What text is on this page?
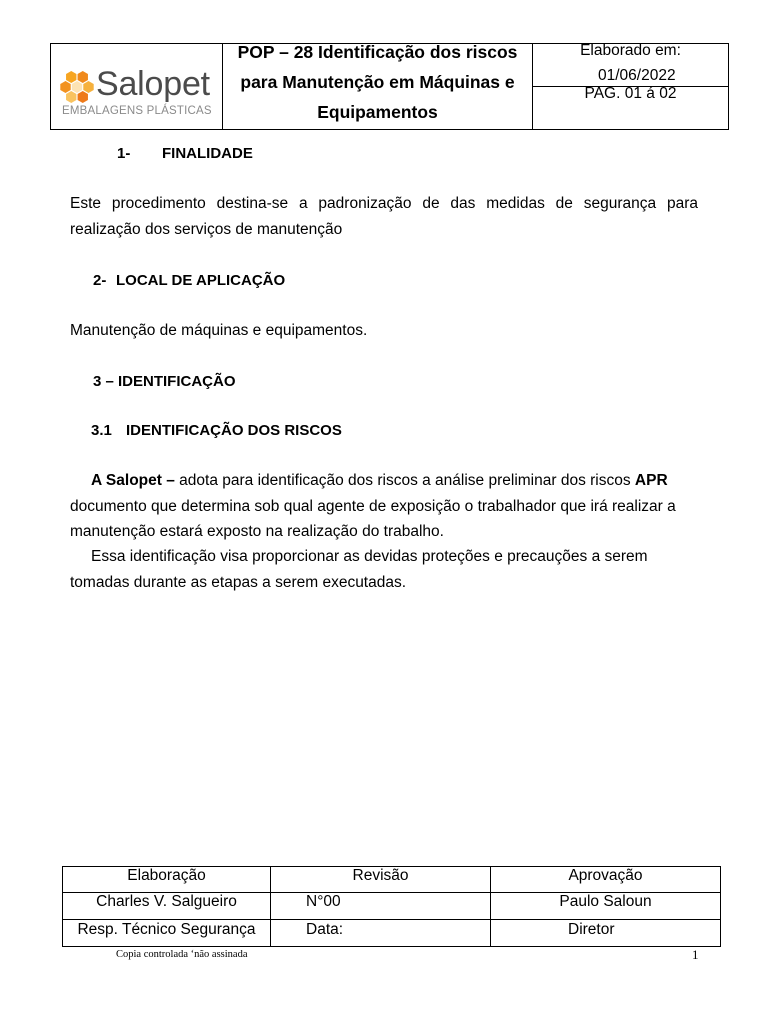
Salopet
EMBALAGENS PLÁSTICAS
POP – 28 Identificação dos riscos
para Manutenção em Máquinas e
Equipamentos
Elaborado em:
01/06/2022
PAG. 01 á 02
1- FINALIDADE
Este procedimento destina-se a padronização de das medidas de segurança para
realização dos serviços de manutenção
2- LOCAL DE APLICAÇÃO
Manutenção de máquinas e equipamentos.
3 – IDENTIFICAÇÃO
3.1 IDENTIFICAÇÃO DOS RISCOS
A Salopet – adota para identificação dos riscos a análise preliminar dos riscos APR
documento que determina sob qual agente de exposição o trabalhador que irá realizar a
manutenção estará exposto na realização do trabalho.
Essa identificação visa proporcionar as devidas proteções e precauções a serem
tomadas durante as etapas a serem executadas.
Elaboração	Revisão	Aprovação
Charles V. Salgueiro	N°00	Paulo Saloun
Resp. Técnico Segurança	Data:	Diretor
Copia controlada ‘não assinada	1
